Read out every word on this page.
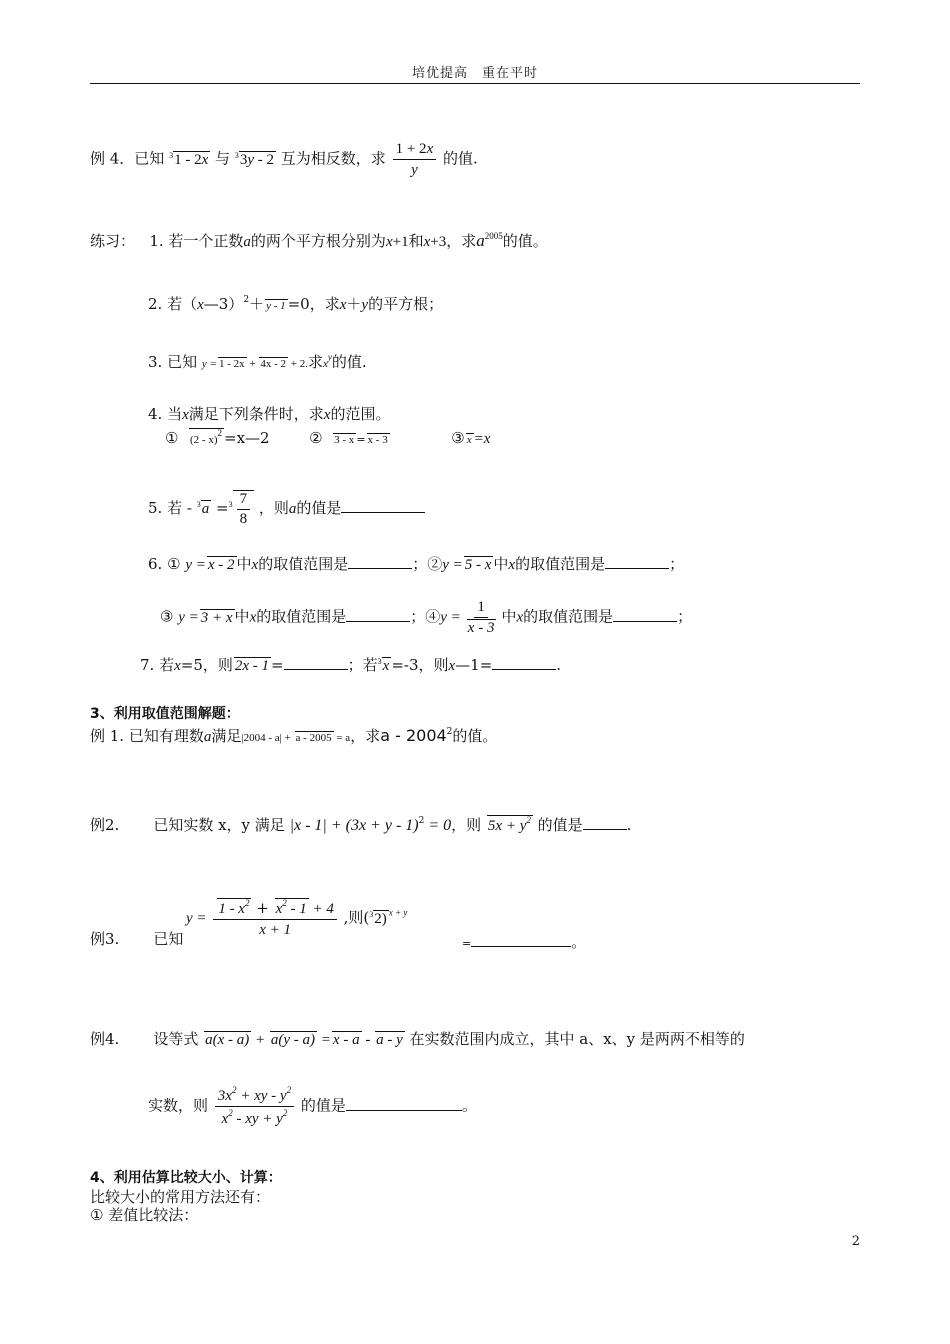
培优提高　重在平时
例 4．已知 $^3$1 - 2x 与 $^3$3y - 2 互为相反数，求 $\frac{1 + 2x}{y}$ 的值.
练习： 1. 若一个正数a的两个平方根分别为x+1和x+3，求$a^{2005}$的值。
2. 若（x—3）$^2$＋ y - 1 =0，求x＋y的平方根；
3. 已知 y = 1 - 2x + 4x - 2 + 2.求$x^y$的值.
4. 当x满足下列条件时，求x的范围。
① (2 - x)$^2$ =x—2	② 3 - x = x - 3	③ x =x
5. 若 - $^3a =^3 \frac{7}{8}$ ，则a的值是
6. ① y = x - 2 中x的取值范围是	；②y = 5 - x 中x的取值范围是	；
③ y = 3 + x 中x的取值范围是	；④y = $\frac{1}{x - 3}$ 中x的取值范围是	；
7. 若x=5，则 2x - 1 =	；若$^3$x =-3，则x—1=	.
3、利用取值范围解题：
例 1. 已知有理数a满足|2004 - a| + a - 2005 = a，求a - 2004$^2$的值。
例2. 已知实数 x，y 满足 $|x - 1| + (3x + y - 1)^2 = 0$，则 $5x + y^2$ 的值是	.
例3. 已知
$y = \frac{1 - x^2 + x^2 - 1 + 4}{x + 1}$ ,则($^3$2) $^{x + y}$
=	。
例4. 设等式 a(x - a) + a(y - a) = x - a - a - y 在实数范围内成立，其中 a、x、y 是两两不相等的
实数，则 $\frac{3x^2 + xy - y^2}{x^2 - xy + y^2}$ 的值是	。
4、利用估算比较大小、计算：
比较大小的常用方法还有：
① 差值比较法：
2
